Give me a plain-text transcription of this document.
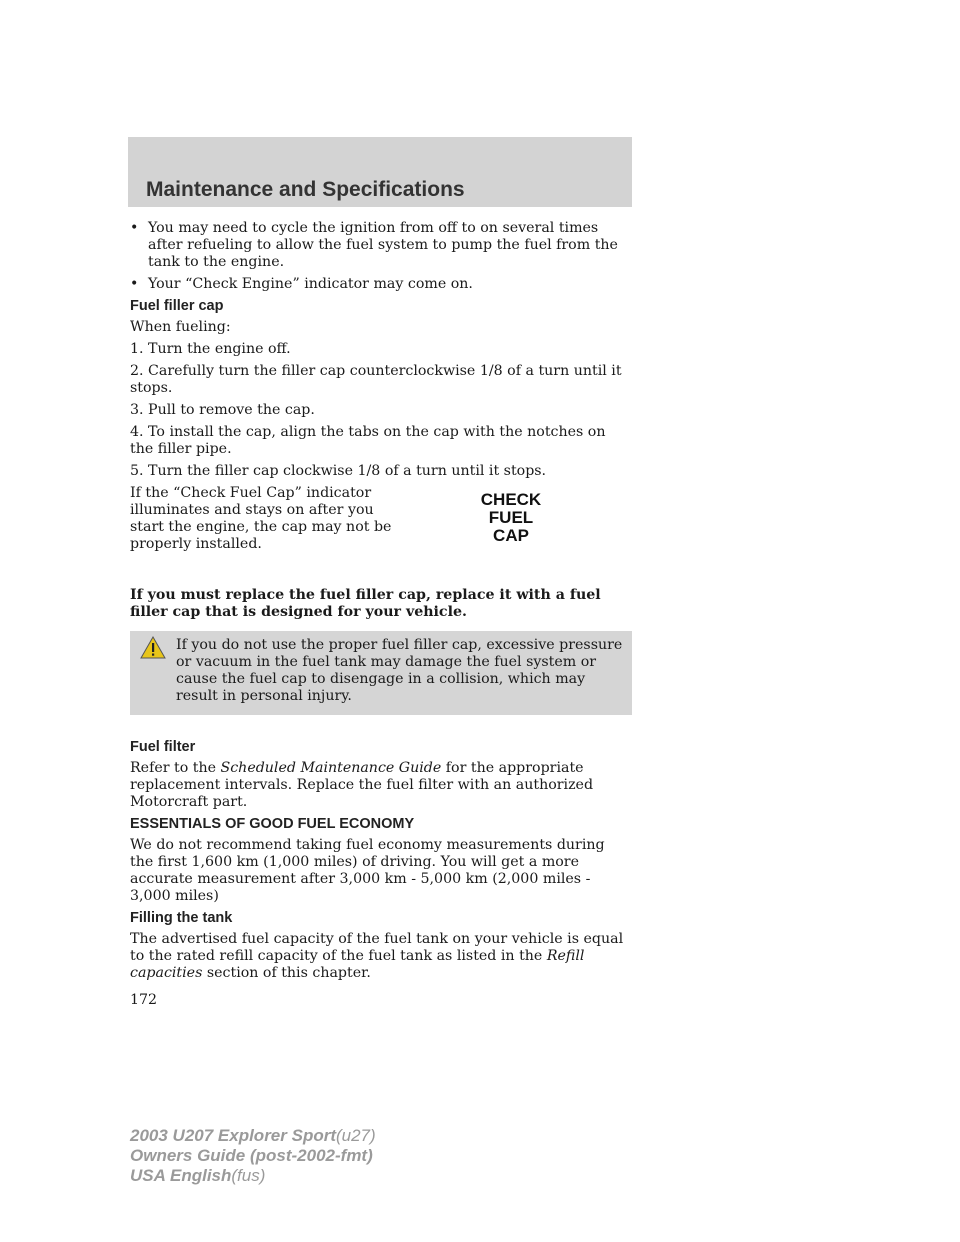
Maintenance and Specifications
• You may need to cycle the ignition from off to on several times after refueling to allow the fuel system to pump the fuel from the tank to the engine.
• Your “Check Engine” indicator may come on.
Fuel filler cap
When fueling:
1. Turn the engine off.
2. Carefully turn the filler cap counterclockwise 1/8 of a turn until it stops.
3. Pull to remove the cap.
4. To install the cap, align the tabs on the cap with the notches on the filler pipe.
5. Turn the filler cap clockwise 1/8 of a turn until it stops.
If the “Check Fuel Cap” indicator illuminates and stays on after you start the engine, the cap may not be properly installed.
CHECK
FUEL
CAP
If you must replace the fuel filler cap, replace it with a fuel filler cap that is designed for your vehicle.
If you do not use the proper fuel filler cap, excessive pressure or vacuum in the fuel tank may damage the fuel system or cause the fuel cap to disengage in a collision, which may result in personal injury.
Fuel filter
Refer to the Scheduled Maintenance Guide for the appropriate replacement intervals. Replace the fuel filter with an authorized Motorcraft part.
ESSENTIALS OF GOOD FUEL ECONOMY
We do not recommend taking fuel economy measurements during the first 1,600 km (1,000 miles) of driving. You will get a more accurate measurement after 3,000 km - 5,000 km (2,000 miles - 3,000 miles)
Filling the tank
The advertised fuel capacity of the fuel tank on your vehicle is equal to the rated refill capacity of the fuel tank as listed in the Refill capacities section of this chapter.
172
2003 U207 Explorer Sport(u27)
Owners Guide (post-2002-fmt)
USA English(fus)
